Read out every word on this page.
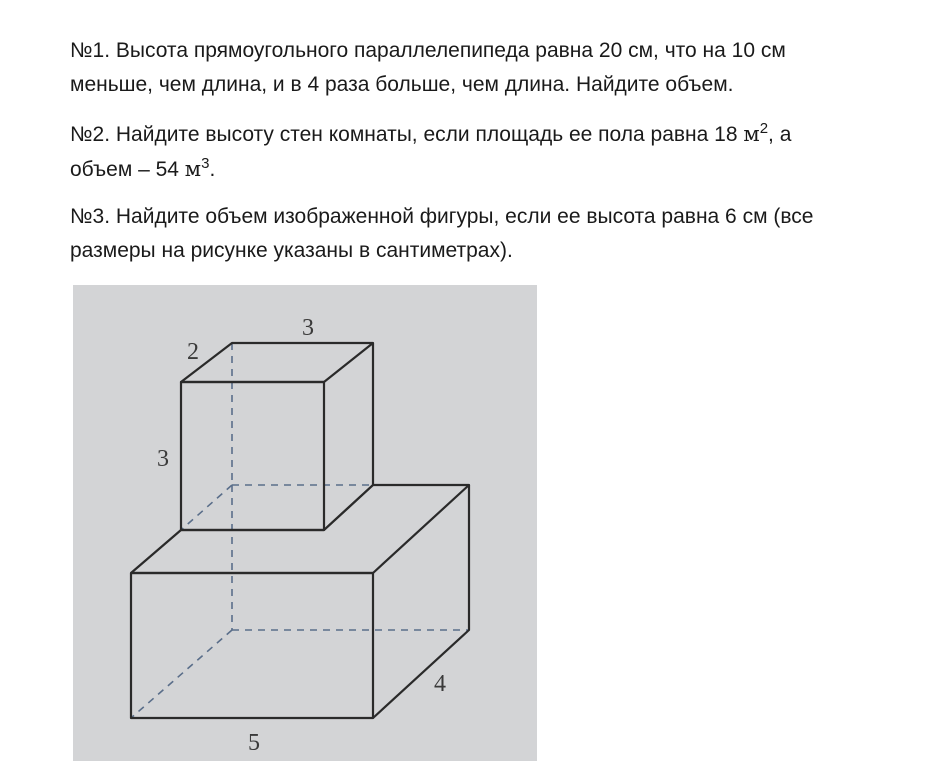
№1. Высота прямоугольного параллелепипеда равна 20 см, что на 10 см
меньше, чем длина, и в 4 раза больше, чем длина. Найдите объем.
№2. Найдите высоту стен комнаты, если площадь ее пола равна 18 $м^2$, а
объем – 54 $м^3$.
№3. Найдите объем изображенной фигуры, если ее высота равна 6 см (все
размеры на рисунке указаны в сантиметрах).
3
2
3
4
5
